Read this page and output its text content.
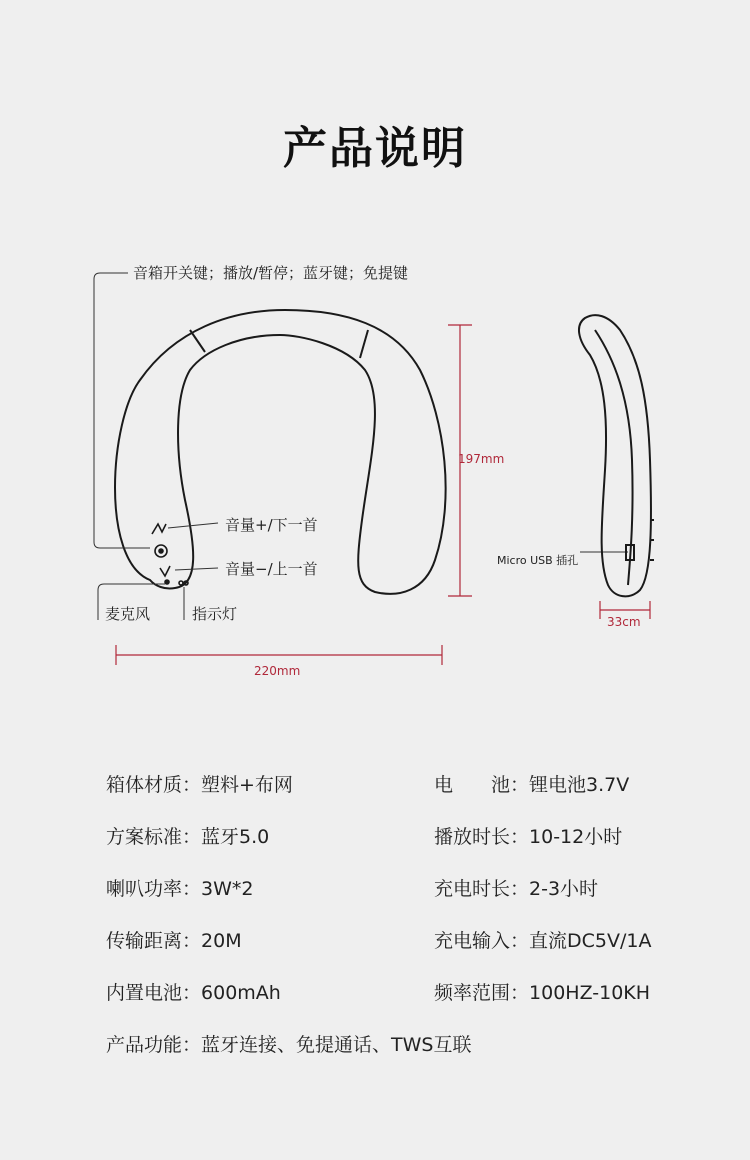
产品说明
音箱开关键；播放/暂停；蓝牙键；免提键
音量+/下一首
音量−/上一首
麦克风	指示灯
Micro USB 插孔
197mm
220mm
33cm
箱体材质：塑料+布网
方案标准：蓝牙5.0
喇叭功率：3W*2
传输距离：20M
内置电池：600mAh
产品功能：蓝牙连接、免提通话、TWS互联
电　　池：锂电池3.7V
播放时长：10-12小时
充电时长：2-3小时
充电输入：直流DC5V/1A
频率范围：100HZ-10KH
